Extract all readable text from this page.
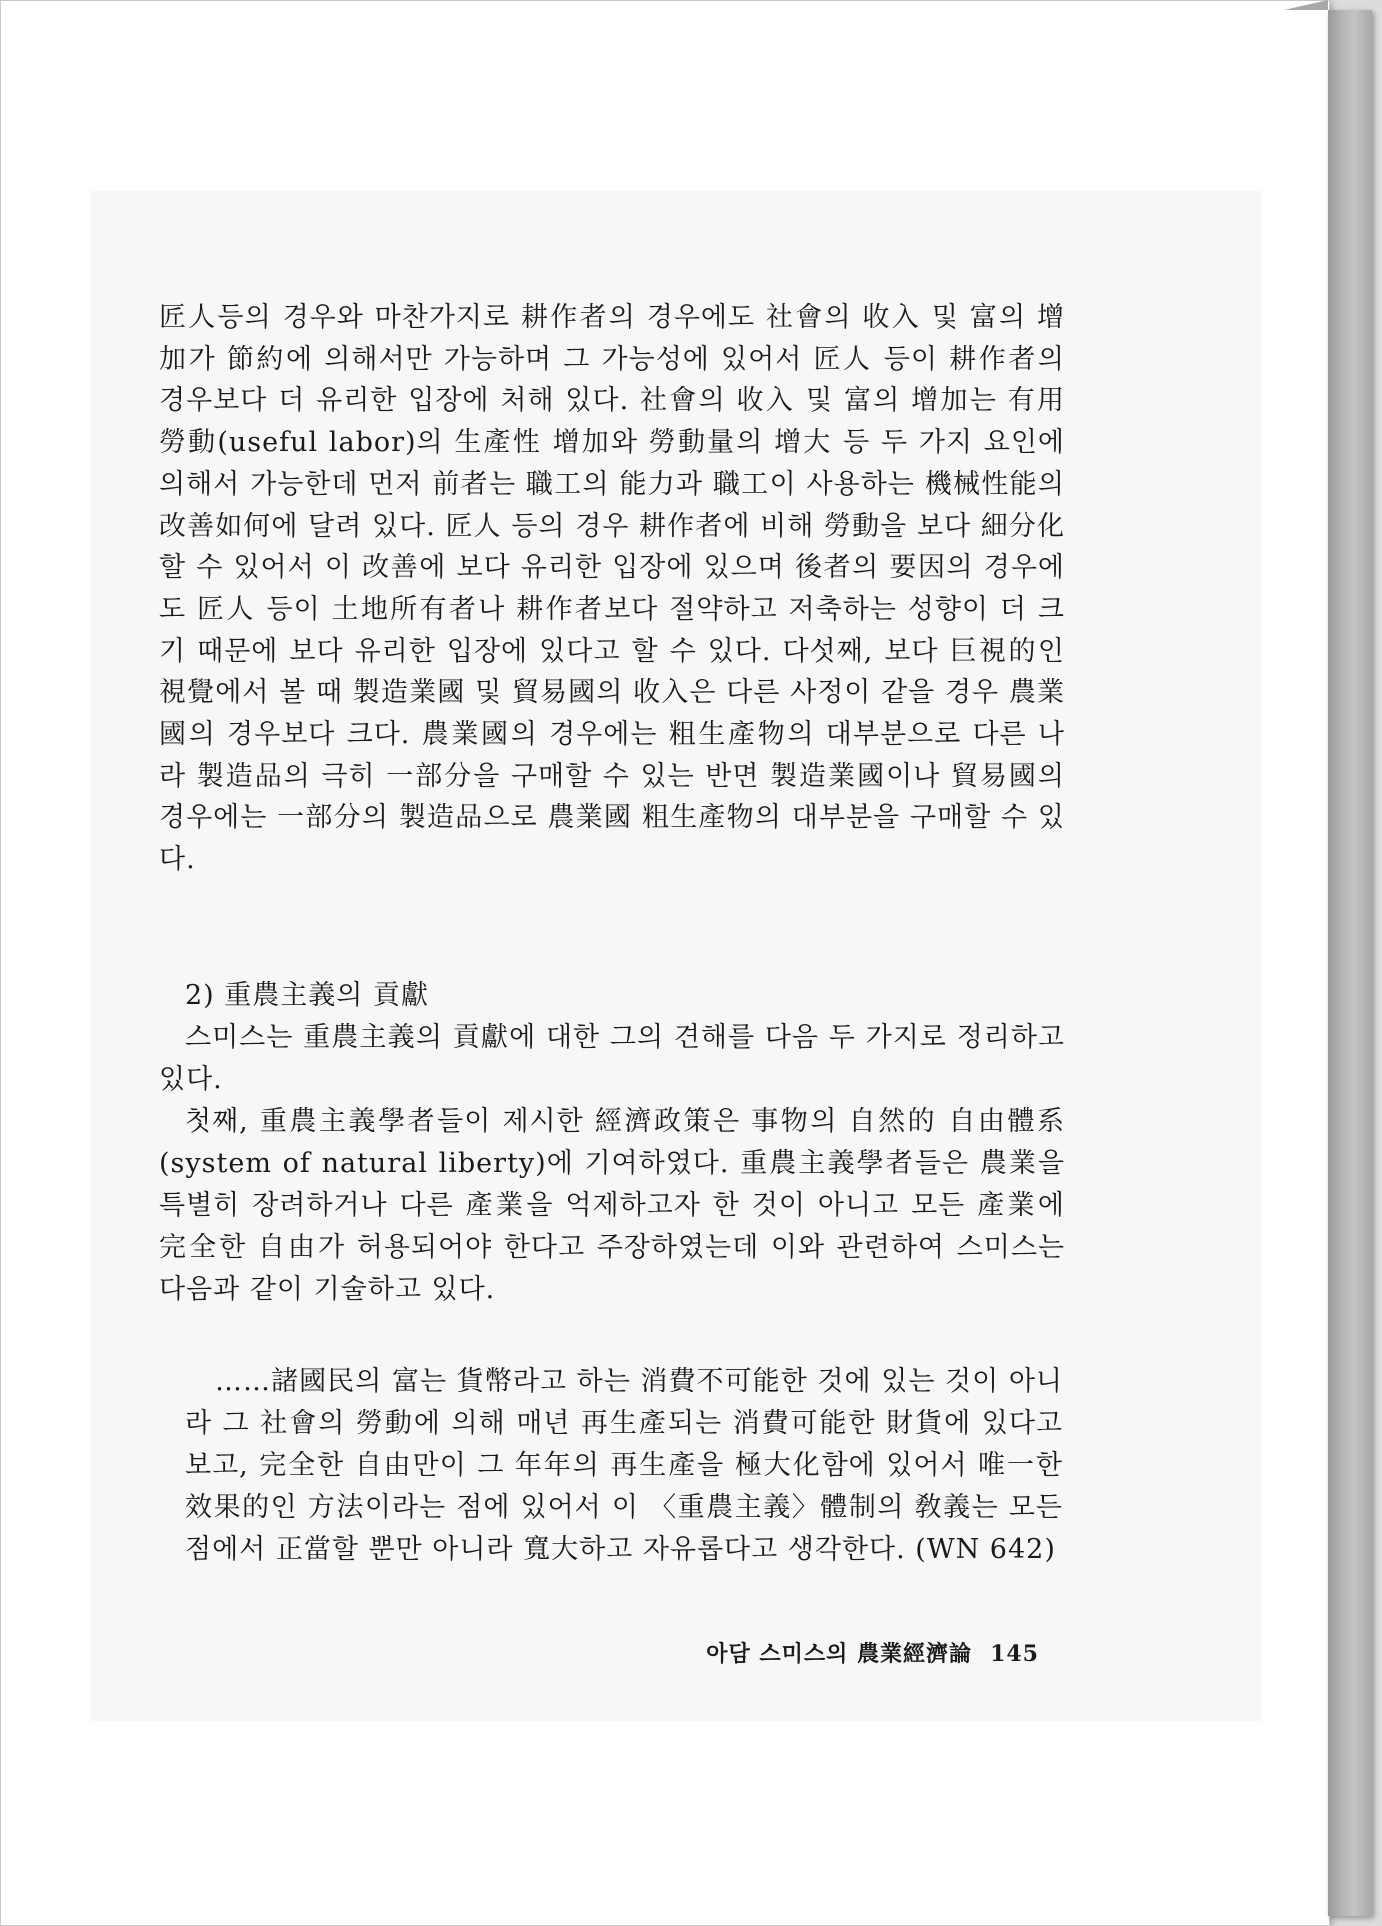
匠人등의 경우와 마찬가지로 耕作者의 경우에도 社會의 收入 및 富의 增加가 節約에 의해서만 가능하며 그 가능성에 있어서 匠人 등이 耕作者의 경우보다 더 유리한 입장에 처해 있다. 社會의 收入 및 富의 增加는 有用勞動(useful labor)의 生產性 增加와 勞動量의 增大 등 두 가지 요인에 의해서 가능한데 먼저 前者는 職工의 能力과 職工이 사용하는 機械性能의 改善如何에 달려 있다. 匠人 등의 경우 耕作者에 비해 勞動을 보다 細分化할 수 있어서 이 改善에 보다 유리한 입장에 있으며 後者의 要因의 경우에도 匠人 등이 土地所有者나 耕作者보다 절약하고 저축하는 성향이 더 크기 때문에 보다 유리한 입장에 있다고 할 수 있다. 다섯째, 보다 巨視的인 視覺에서 볼 때 製造業國 및 貿易國의 收入은 다른 사정이 같을 경우 農業國의 경우보다 크다. 農業國의 경우에는 粗生產物의 대부분으로 다른 나라 製造品의 극히 一部分을 구매할 수 있는 반면 製造業國이나 貿易國의 경우에는 一部分의 製造品으로 農業國 粗生產物의 대부분을 구매할 수 있다.

2) 重農主義의 貢獻

스미스는 重農主義의 貢獻에 대한 그의 견해를 다음 두 가지로 정리하고 있다.

첫째, 重農主義學者들이 제시한 經濟政策은 事物의 自然的 自由體系(system of natural liberty)에 기여하였다. 重農主義學者들은 農業을 특별히 장려하거나 다른 產業을 억제하고자 한 것이 아니고 모든 產業에 完全한 自由가 허용되어야 한다고 주장하였는데 이와 관련하여 스미스는 다음과 같이 기술하고 있다.

……諸國民의 富는 貨幣라고 하는 消費不可能한 것에 있는 것이 아니라 그 社會의 勞動에 의해 매년 再生產되는 消費可能한 財貨에 있다고 보고, 完全한 自由만이 그 年年의 再生產을 極大化함에 있어서 唯一한 效果的인 方法이라는 점에 있어서 이 〈重農主義〉體制의 敎義는 모든 점에서 正當할 뿐만 아니라 寬大하고 자유롭다고 생각한다. (WN 642)

아담 스미스의 農業經濟論 145
